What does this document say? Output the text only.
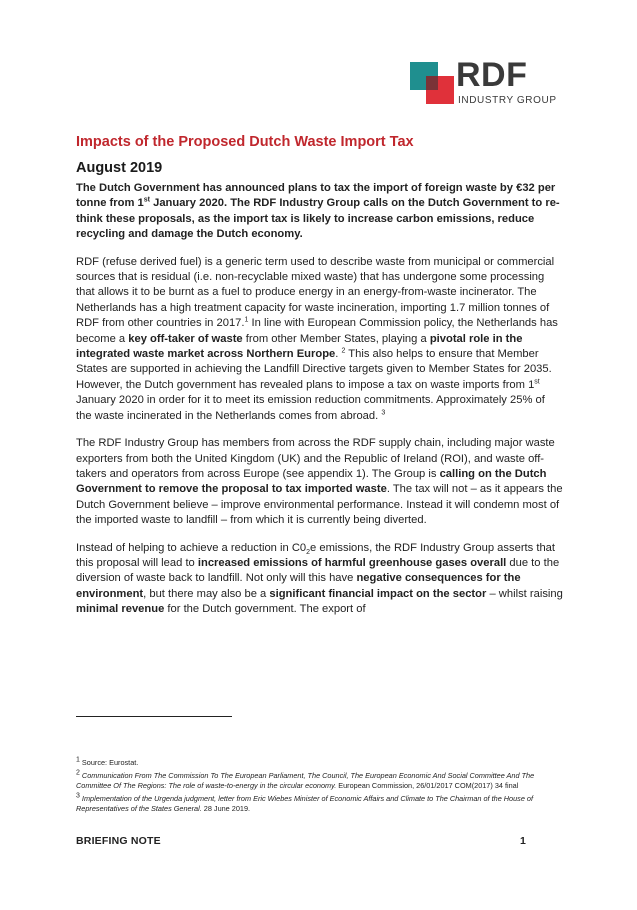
RDF
INDUSTRY GROUP
Impacts of the Proposed Dutch Waste Import Tax
August 2019

The Dutch Government has announced plans to tax the import of foreign waste by €32 per tonne from 1st January 2020. The RDF Industry Group calls on the Dutch Government to re-think these proposals, as the import tax is likely to increase carbon emissions, reduce recycling and damage the Dutch economy.

RDF (refuse derived fuel) is a generic term used to describe waste from municipal or commercial sources that is residual (i.e. non-recyclable mixed waste) that has undergone some processing that allows it to be burnt as a fuel to produce energy in an energy-from-waste incinerator. The Netherlands has a high treatment capacity for waste incineration, importing 1.7 million tonnes of RDF from other countries in 2017.$^1$ In line with European Commission policy, the Netherlands has become a key off-taker of waste from other Member States, playing a pivotal role in the integrated waste market across Northern Europe. $^2$ This also helps to ensure that Member States are supported in achieving the Landfill Directive targets given to Member States for 2035. However, the Dutch government has revealed plans to impose a tax on waste imports from 1st January 2020 in order for it to meet its emission reduction commitments. Approximately 25% of the waste incinerated in the Netherlands comes from abroad. $^3$

The RDF Industry Group has members from across the RDF supply chain, including major waste exporters from both the United Kingdom (UK) and the Republic of Ireland (ROI), and waste off-takers and operators from across Europe (see appendix 1). The Group is calling on the Dutch Government to remove the proposal to tax imported waste. The tax will not – as it appears the Dutch Government believe – improve environmental performance. Instead it will condemn most of the imported waste to landfill – from which it is currently being diverted.

Instead of helping to achieve a reduction in $C0_2e$ emissions, the RDF Industry Group asserts that this proposal will lead to increased emissions of harmful greenhouse gases overall due to the diversion of waste back to landfill. Not only will this have negative consequences for the environment, but there may also be a significant financial impact on the sector – whilst raising minimal revenue for the Dutch government. The export of

$^1$ Source: Eurostat.
$^2$ Communication From The Commission To The European Parliament, The Council, The European Economic And Social Committee And The Committee Of The Regions: The role of waste-to-energy in the circular economy. European Commission, 26/01/2017 COM(2017) 34 final
$^3$ Implementation of the Urgenda judgment, letter from Eric Wiebes Minister of Economic Affairs and Climate to The Chairman of the House of Representatives of the States General. 28 June 2019.
BRIEFING NOTE	1
